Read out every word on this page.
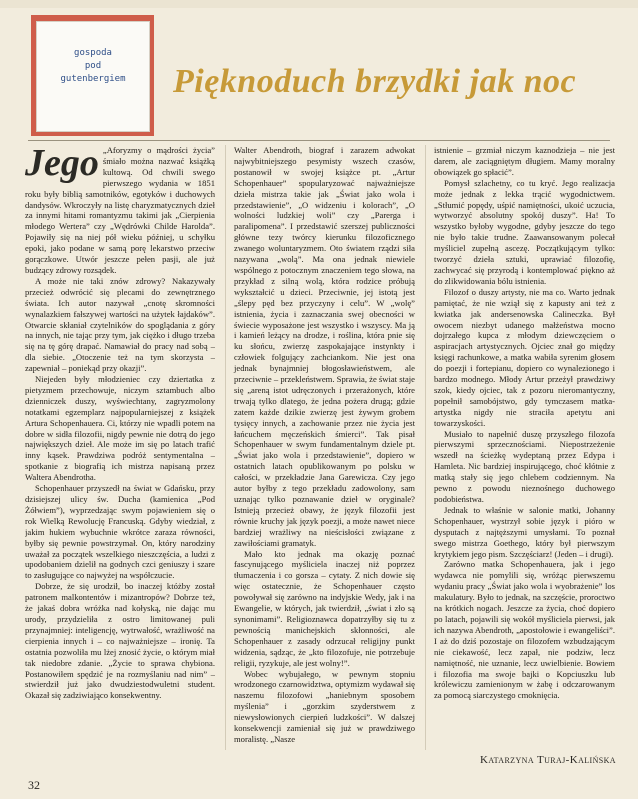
gospoda
pod
gutenbergiem	Pięknoduch brzydki jak noc

Jego „Aforyzmy o mądrości życia” śmiało można nazwać książką kultową. Od chwili swego pierwszego wydania w 1851 roku były biblią samotników, egotyków i duchowych dandysów. Wkroczyły na listę charyzmatycznych dzieł za innymi hitami romantyzmu takimi jak „Cierpienia młodego Wertera” czy „Wędrówki Childe Harolda”. Pojawiły się na niej pół wieku później, u schyłku epoki, jako podane w samą porę lekarstwo przeciw gorączkowe. Utwór jeszcze pełen pasji, ale już budzący zdrowy rozsądek.

A może nie taki znów zdrowy? Nakazywały przecież odwrócić się plecami do zewnętrznego świata. Ich autor nazywał „cnotę skromności wynalazkiem fałszywej wartości na użytek łajdaków”. Otwarcie skłaniał czytelników do spoglądania z góry na innych, nie tając przy tym, jak ciężko i długo trzeba się na tę górę drapać. Namawiał do pracy nad sobą – dla siebie. „Otoczenie też na tym skorzysta – zapewniał – poniekąd przy okazji”.

Niejeden były młodzieniec czy dziertatka z pietyzmem przechowuje, niczym sztambuch albo dzienniczek duszy, wyświechtany, zagryzmolony notatkami egzemplarz najpopularniejszej z książek Artura Schopenhauera. Ci, którzy nie wpadli potem na dobre w sidła filozofii, nigdy pewnie nie dotrą do jego największych dzieł. Ale może im się po latach trafić inny kąsek. Prawdziwa podróż sentymentalna – spotkanie z biografią ich mistrza napisaną przez Waltera Abendrotha.

Schopenhauer przyszedł na świat w Gdańsku, przy dzisiejszej ulicy św. Ducha (kamienica „Pod Żółwiem”), wyprzedzając swym pojawieniem się o rok Wielką Rewolucję Francuską. Gdyby wiedział, z jakim hukiem wybuchnie wkrótce zaraza równości, byłby się pewnie powstrzymał. On, który narodziny uważał za początek wszelkiego nieszczęścia, a ludzi z upodobaniem dzielił na godnych czci geniuszy i szare to zasługujące co najwyżej na współczucie.

Dobrze, że się urodził, bo inaczej któżby został patronem malkontentów i mizantropów? Dobrze też, że jakaś dobra wróżka nad kołyską, nie dając mu urody, przydzieliła z ostro limitowanej puli przynajmniej: inteligencję, wytrwałość, wrażliwość na cierpienia innych i – co najważniejsze – ironię. Ta ostatnia pozwoliła mu lżej znosić życie, o którym miał tak niedobre zdanie. „Życie to sprawa chybiona. Postanowiłem spędzić je na rozmyślaniu nad nim” – stwierdził już jako dwudziestodwuletni student. Okazał się zadziwiająco konsekwentny.

Walter Abendroth, biograf i zarazem adwokat najwybitniejszego pesymisty wszech czasów, postanowił w swojej książce pt. „Artur Schopenhauer” spopularyzować najważniejsze dzieła mistrza takie jak „Świat jako wola i przedstawienie”, „O widzeniu i kolorach”, „O wolności ludzkiej woli” czy „Parerga i paralipomena”. I przedstawić szerszej publiczności główne tezy twórcy kierunku filozoficznego zwanego woluntaryzmem. Oto światem rządzi siła nazywana „wolą”. Ma ona jednak niewiele wspólnego z potocznym znaczeniem tego słowa, na przykład z silną wolą, która rodzice próbują wykształcić u dzieci. Przeciwnie, jej istotą jest „ślepy pęd bez przyczyny i celu”. W „wolę” istnienia, życia i zaznaczania swej obecności w świecie wyposażone jest wszystko i wszyscy. Ma ją i kamień leżący na drodze, i roślina, która pnie się ku słońcu, zwierzę zaspokajające instynkty i człowiek folgujący zachciankom. Nie jest ona jednak bynajmniej błogosławieństwem, ale przeciwnie – przekleństwem. Sprawia, że świat staje się „areną istot udręczonych i przerażonych, które trwają tylko dlatego, że jedna pożera drugą; gdzie zatem każde dzikie zwierzę jest żywym grobem tysięcy innych, a zachowanie przez nie życia jest łańcuchem męczeńskich śmierci”. Tak pisał Schopenhauer w swym fundamentalnym dziele pt. „Świat jako wola i przedstawienie”, dopiero w ostatnich latach opublikowanym po polsku w całości, w przekładzie Jana Garewicza. Czy jego autor byłby z tego przekładu zadowolony, sam uznając tylko poznawanie dzieł w oryginale? Istnieją przecież obawy, że język filozofii jest równie kruchy jak język poezji, a może nawet niece bardziej wrażliwy na nieścisłości związane z zawiłościami gramatyk.

Mało kto jednak ma okazję poznać fascynującego myśliciela inaczej niż poprzez tłumaczenia i co gorsza – cytaty. Z nich dowie się więc ostatecznie, że Schopenhauer często powoływał się zarówno na indyjskie Wedy, jak i na Ewangelie, w których, jak twierdził, „świat i zło są synonimami”. Religioznawca dopatrzyłby się tu z pewnością manichejskich skłonności, ale Schopenhauer z zasady odrzucał religijny punkt widzenia, sądząc, że „kto filozofuje, nie potrzebuje religii, ryzykuje, ale jest wolny!”.

Wobec wybujałego, w pewnym stopniu wrodzonego czarnowidztwa, optymizm wydawał się naszemu filozofowi „haniebnym sposobem myślenia” i „gorzkim szyderstwem z niewysłowionych cierpień ludzkości”. W dalszej konsekwencji zamieniał się już w prawdziwego moralistę. „Nasze

istnienie – grzmiał niczym kaznodzieja – nie jest darem, ale zaciągniętym długiem. Mamy moralny obowiązek go spłacić”.

Pomysł szlachetny, co tu kryć. Jego realizacja może jednak z lekka trącić wygodnictwem. „Stłumić popędy, uśpić namiętności, ukoić uczucia, wytworzyć absolutny spokój duszy”. Ha! To wszystko byłoby wygodne, gdyby jeszcze do tego nie było takie trudne. Zaawansowanym polecał myśliciel zupełną ascezę. Początkującym tylko: tworzyć dzieła sztuki, uprawiać filozofię, zachwycać się przyrodą i kontemplować piękno aż do zlikwidowania bólu istnienia.

Filozof o duszy artysty, nie ma co. Warto jednak pamiętać, że nie wziął się z kapusty ani też z kwiatka jak andersenowska Calineczka. Był owocem niezbyt udanego małżeństwa mocno dojrzałego kupca z młodym dziewczęciem o aspiracjach artystycznych. Ojciec znał go między księgi rachunkowe, a matka wabiła syrenim głosem do poezji i fortepianu, dopiero co wynalezionego i bardzo modnego. Młody Artur przeżył prawdziwy szok, kiedy ojciec, tak z pozoru nieromantyczny, popełnił samobójstwo, gdy tymczasem matka-artystka nigdy nie straciła apetytu ani towarzyskości.

Musiało to napełnić duszę przyszłego filozofa pierwszymi sprzecznościami. Niepostrzeżenie wszedł na ścieżkę wydeptaną przez Edypa i Hamleta. Nic bardziej inspirującego, choć kłótnie z matką stały się jego chlebem codziennym. Na pewno z powodu nieznośnego duchowego podobieństwa.

Jednak to właśnie w salonie matki, Johanny Schopenhauer, wystrzył sobie język i pióro w dysputach z najtęższymi umysłami. To poznał swego mistrza Goethego, który był pierwszym krytykiem jego pism. Szczęściarz! (Jeden – i drugi).

Zarówno matka Schopenhauera, jak i jego wydawca nie pomylili się, wróżąc pierwszemu wydaniu pracy „Świat jako wola i wyobrażenie” los makulatury. Było to jednak, na szczęście, proroctwo na krótkich nogach. Jeszcze za życia, choć dopiero po latach, pojawili się wokół myśliciela pierwsi, jak ich nazywa Abendroth, „apostołowie i ewangeliści”. I aż do dziś pozostaje on filozofem wzbudzającym nie ciekawość, lecz zapał, nie podziw, lecz namiętność, nie uznanie, lecz uwielbienie. Bowiem i filozofia ma swoje bajki o Kopciuszku lub królewiczu zamienionym w żabę i odczarowanym za pomocą siarczystego cmoknięcia.

Katarzyna Turaj-Kalińska
32
